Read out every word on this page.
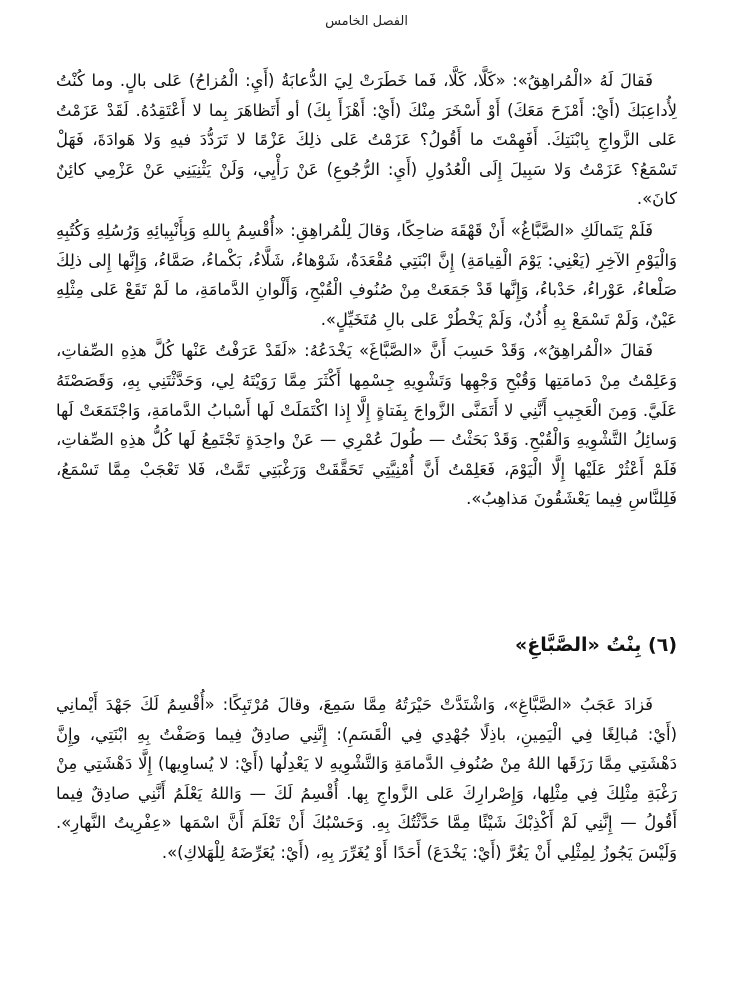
الفصل الخامس

فَقالَ لَهُ «الْمُراهِقُ»: «كَلَّا، كَلَّا، فَما خَطَرَتْ لِيَ الدُّعابَةُ (أَيِ: الْمُزاحُ) عَلى بالٍ. وما كُنْتُ لِأُداعِبَكَ (أَيْ: أَمْزَحَ مَعَكَ) أَوْ أَسْخَرَ مِنْكَ (أَيْ: أَهْزَأَ بِكَ) أو أَتَظاهَرَ بِما لا أَعْتَقِدُهُ. لَقَدْ عَزَمْتُ عَلى الزَّواجِ بِابْنَتِكَ. أَفَهِمْتَ ما أَقُولُ؟ عَزَمْتُ عَلى ذلِكَ عَزْمًا لا تَرَدُّدَ فيهِ وَلا هَوادَةَ، فَهَلْ تَسْمَعُ؟ عَزَمْتُ وَلا سَبِيلَ إِلَى الْعُدُولِ (أَيِ: الرُّجُوعِ) عَنْ رَأْيِي، وَلَنْ يَثْنِيَنِي عَنْ عَزْمِي كائِنٌ كانَ».

فَلَمْ يَتَمالَكِ «الصَّبَّاغُ» أَنْ قَهْقَهَ ضاحِكًا، وَقالَ لِلْمُراهِقِ: «أُقْسِمُ بِاللهِ وَبِأَنْبِيائِهِ وَرُسُلِهِ وَكُتُبِهِ وَالْيَوْمِ الآخِرِ (يَعْنِي: يَوْمَ الْقِيامَةِ) إِنَّ ابْنَتِي مُقْعَدَةٌ، شَوْهاءُ، شَلَّاءُ، بَكْماءُ، صَمَّاءُ، وَإِنَّها إِلى ذلِكَ صَلْعاءُ، عَوْراءُ، حَدْباءُ، وَإِنَّها قَدْ جَمَعَتْ مِنْ صُنُوفِ الْقُبْحِ، وَأَلْوانِ الدَّمامَةِ، ما لَمْ تَقَعْ عَلى مِثْلِهِ عَيْنٌ، وَلَمْ تَسْمَعْ بِهِ أُذُنٌ، وَلَمْ يَخْطُرْ عَلى بالِ مُتَخَيِّلٍ».

فَقالَ «الْمُراهِقُ»، وَقَدْ حَسِبَ أَنَّ «الصَّبَّاغَ» يَخْدَعُهُ: «لَقَدْ عَرَفْتُ عَنْها كُلَّ هذِهِ الصِّفاتِ، وَعَلِمْتُ مِنْ دَمامَتِها وَقُبْحِ وَجْهِها وَتَشْوِيهِ جِسْمِها أَكْثَرَ مِمَّا رَوَيْتَهُ لِي، وَحَدَّثْتَنِي بِهِ، وَقَصَصْتَهُ عَلَيَّ. وَمِنَ الْعَجِيبِ أَنَّنِي لا أَتَمَنَّى الزَّواجَ بِفَتاةٍ إِلَّا إِذا اكْتَمَلَتْ لَها أَسْبابُ الدَّمامَةِ، وَاجْتَمَعَتْ لَها وَسائِلُ التَّشْوِيهِ وَالْقُبْحِ. وَقَدْ بَحَثْتُ — طُولَ عُمْرِي — عَنْ واحِدَةٍ تَجْتَمِعُ لَها كُلُّ هذِهِ الصِّفاتِ، فَلَمْ أَعْثُرْ عَلَيْها إِلَّا الْيَوْمَ، فَعَلِمْتُ أَنَّ أُمْنِيَّتِي تَحَقَّقَتْ وَرَغْبَتِي تَمَّتْ، فَلا تَعْجَبْ مِمَّا تَسْمَعُ، فَلِلنَّاسِ فِيما يَعْشَقُونَ مَذاهِبُ».

(٦) بِنْتُ «الصَّبَّاغِ»

فَزادَ عَجَبُ «الصَّبَّاغِ»، وَاشْتَدَّتْ حَيْرَتُهُ مِمَّا سَمِعَ، وقالَ مُرْتَبِكًا: «أُقْسِمُ لَكَ جَهْدَ أَيْمانِي (أَيْ: مُبالِغًا فِي الْيَمِينِ، باذِلًا جُهْدِي فِي الْقَسَمِ): إِنَّنِي صادِقٌ فِيما وَصَفْتُ بِهِ ابْنَتِي، وإِنَّ دَهْشَتِي مِمَّا رَزَقَها اللهُ مِنْ صُنُوفِ الدَّمامَةِ وَالتَّشْوِيهِ لا يَعْدِلُها (أَيْ: لا يُساوِيها) إِلَّا دَهْشَتِي مِنْ رَغْبَةِ مِثْلِكَ فِي مِثْلِها، وَإِصْرارِكَ عَلى الزَّواجِ بِها. أُقْسِمُ لَكَ — وَاللهُ يَعْلَمُ أَنَّنِي صادِقٌ فِيما أَقُولُ — إِنَّنِي لَمْ أَكْذِبْكَ شَيْئًا مِمَّا حَدَّثْتُكَ بِهِ. وَحَسْبُكَ أَنْ تَعْلَمَ أَنَّ اسْمَها «عِفْرِيتُ النَّهارِ». وَلَيْسَ يَجُوزُ لِمِثْلِي أَنْ يَغُرَّ (أَيْ: يَخْدَعَ) أَحَدًا أَوْ يُغَرِّرَ بِهِ، (أَيْ: يُعَرِّضَهُ لِلْهَلاكِ)».
